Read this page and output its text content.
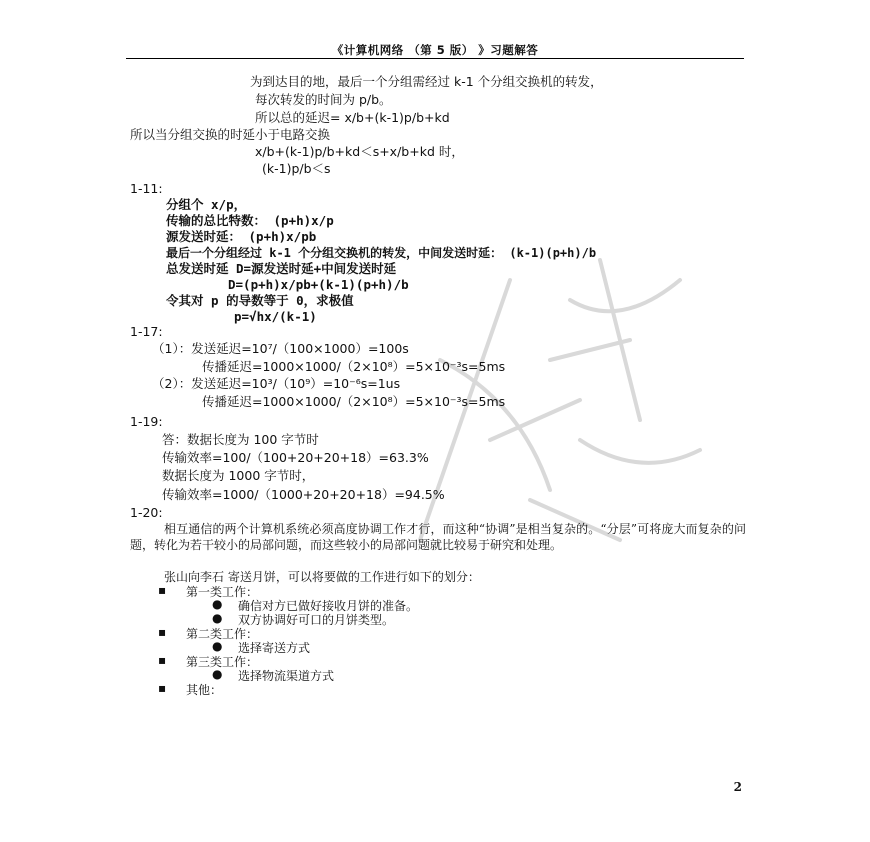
《计算机网络 （第 5 版） 》习题解答
为到达目的地，最后一个分组需经过 k-1 个分组交换机的转发，
每次转发的时间为 p/b。
所以总的延迟= x/b+(k-1)p/b+kd
所以当分组交换的时延小于电路交换
x/b+(k-1)p/b+kd＜s+x/b+kd 时，
(k-1)p/b＜s
1-11:
分组个 x/p，
传输的总比特数： (p+h)x/p
源发送时延： (p+h)x/pb
最后一个分组经过 k-1 个分组交换机的转发，中间发送时延： (k-1)(p+h)/b
总发送时延 D=源发送时延+中间发送时延
D=(p+h)x/pb+(k-1)(p+h)/b
令其对 p 的导数等于 0，求极值
p=√hx/(k-1)
1-17:
（1）：发送延迟=10⁷/（100×1000）=100s
传播延迟=1000×1000/（2×10⁸）=5×10⁻³s=5ms
（2）：发送延迟=10³/（10⁹）=10⁻⁶s=1us
传播延迟=1000×1000/（2×10⁸）=5×10⁻³s=5ms
1-19:
答：数据长度为 100 字节时
传输效率=100/（100+20+20+18）=63.3%
数据长度为 1000 字节时，
传输效率=1000/（1000+20+20+18）=94.5%
1-20:
相互通信的两个计算机系统必须高度协调工作才行，而这种“协调”是相当复杂的。“分层”可将庞大而复杂的问题，转化为若干较小的局部问题，而这些较小的局部问题就比较易于研究和处理。
张山向李石 寄送月饼，可以将要做的工作进行如下的划分：
▪ 第一类工作：
● 确信对方已做好接收月饼的准备。
● 双方协调好可口的月饼类型。
▪ 第二类工作：
● 选择寄送方式
▪ 第三类工作：
● 选择物流渠道方式
▪ 其他：
2
